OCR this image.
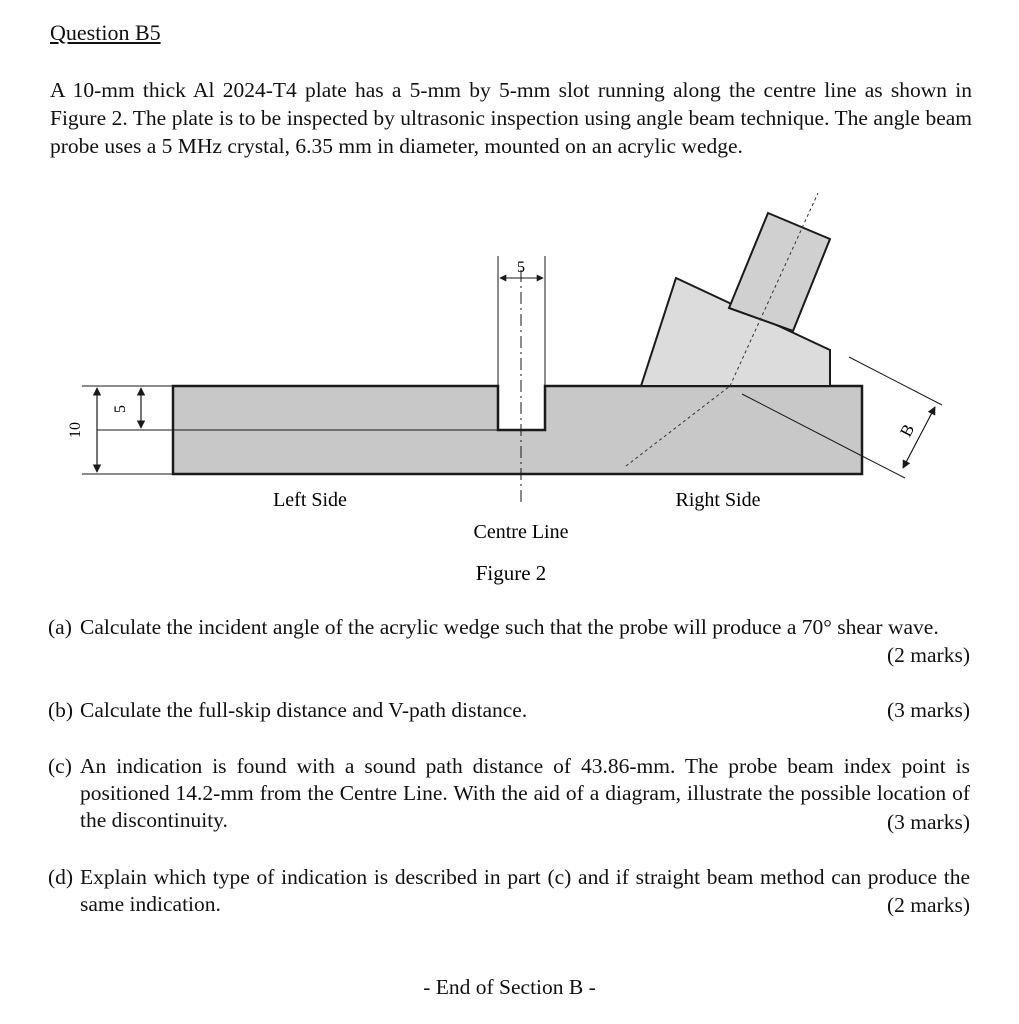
Question B5
A 10-mm thick Al 2024-T4 plate has a 5-mm by 5-mm slot running along the centre line as shown in Figure 2. The plate is to be inspected by ultrasonic inspection using angle beam technique. The angle beam probe uses a 5 MHz crystal, 6.35 mm in diameter, mounted on an acrylic wedge.
10
5
5
B
Left Side	Right Side
Centre Line
Figure 2
(a) Calculate the incident angle of the acrylic wedge such that the probe will produce a 70° shear wave.
(2 marks)
(b) Calculate the full-skip distance and V-path distance.	(3 marks)
(c) An indication is found with a sound path distance of 43.86-mm. The probe beam index point is positioned 14.2-mm from the Centre Line. With the aid of a diagram, illustrate the possible location of the discontinuity.	(3 marks)
(d) Explain which type of indication is described in part (c) and if straight beam method can produce the same indication.	(2 marks)
- End of Section B -
